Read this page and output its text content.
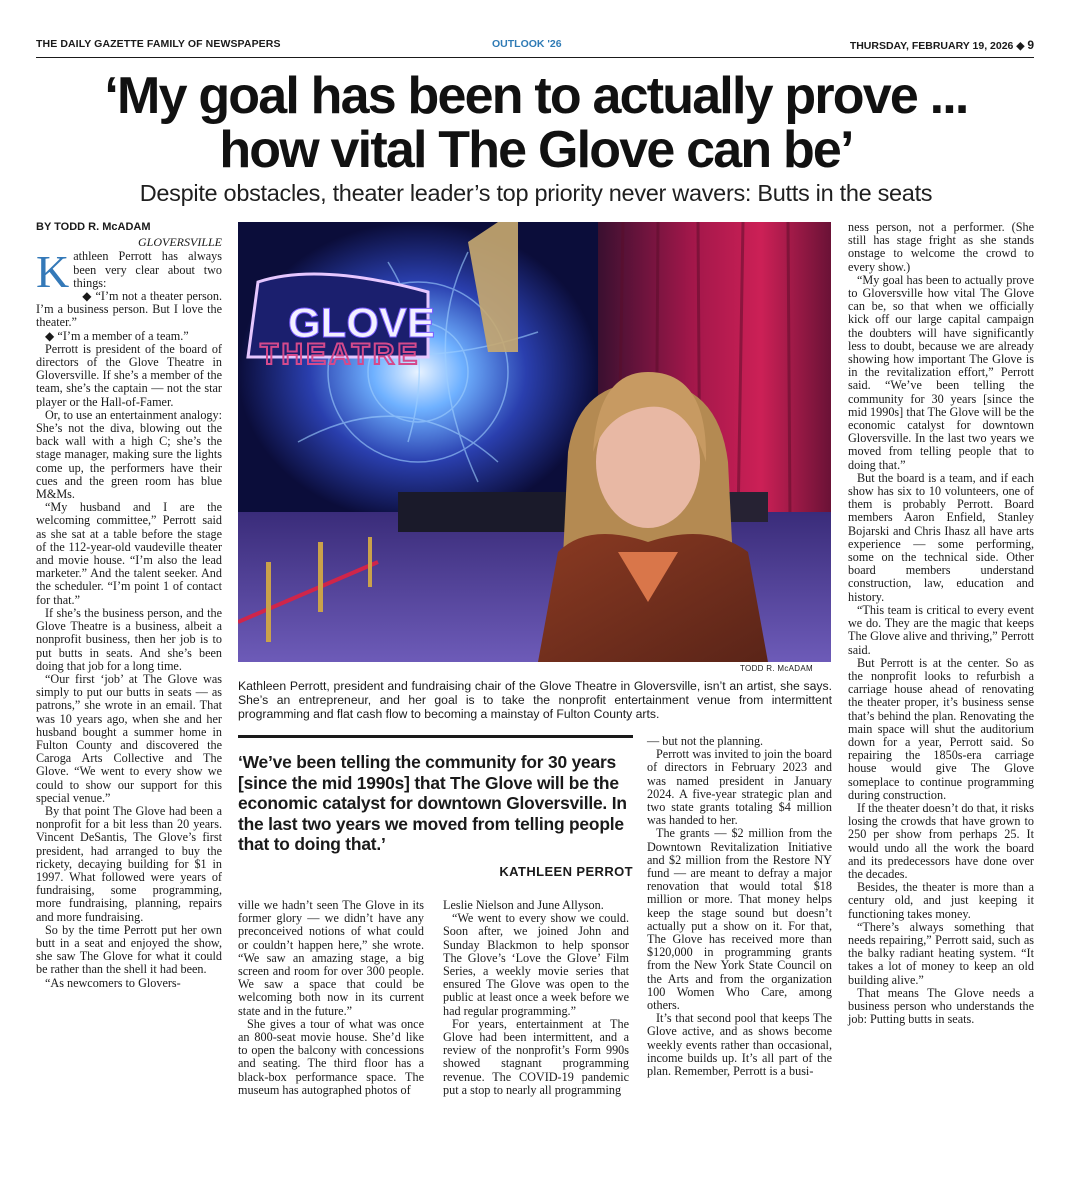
THE DAILY GAZETTE FAMILY OF NEWSPAPERS	OUTLOOK '26	THURSDAY, FEBRUARY 19, 2026 ◆ 9
‘My goal has been to actually prove ...
how vital The Glove can be’
Despite obstacles, theater leader’s top priority never wavers: Butts in the seats
BY TODD R. McADAM
GLOVERSVILLE

Kathleen Perrott has always been very clear about two things:

◆ “I’m not a theater person. I’m a business person. But I love the theater.”

◆ “I’m a member of a team.”

Perrott is president of the board of directors of the Glove Theatre in Gloversville. If she’s a member of the team, she’s the captain — not the star player or the Hall-of-Famer.

Or, to use an entertainment analogy: She’s not the diva, blowing out the back wall with a high C; she’s the stage manager, making sure the lights come up, the performers have their cues and the green room has blue M&Ms.

“My husband and I are the welcoming committee,” Perrott said as she sat at a table before the stage of the 112-year-old vaudeville theater and movie house. “I’m also the lead marketer.” And the talent seeker. And the scheduler. “I’m point 1 of contact for that.”

If she’s the business person, and the Glove Theatre is a business, albeit a nonprofit business, then her job is to put butts in seats. And she’s been doing that job for a long time.

“Our first ‘job’ at The Glove was simply to put our butts in seats — as patrons,” she wrote in an email. That was 10 years ago, when she and her husband bought a summer home in Fulton County and discovered the Caroga Arts Collective and The Glove. “We went to every show we could to show our support for this special venue.”

By that point The Glove had been a nonprofit for a bit less than 20 years. Vincent DeSantis, The Glove’s first president, had arranged to buy the rickety, decaying building for $1 in 1997. What followed were years of fundraising, some programming, more fundraising, planning, repairs and more fundraising.

So by the time Perrott put her own butt in a seat and enjoyed the show, she saw The Glove for what it could be rather than the shell it had been.

“As newcomers to Glovers-

GLOVE
THEATRE
TODD R. McADAM
Kathleen Perrott, president and fundraising chair of the Glove Theatre in Gloversville, isn’t an artist, she says. She’s an entrepreneur, and her goal is to take the nonprofit entertainment venue from intermittent programming and flat cash flow to becoming a mainstay of Fulton County arts.
‘We’ve been telling the community for 30 years [since the mid 1990s] that The Glove will be the economic catalyst for downtown Gloversville. In the last two years we moved from telling people that to doing that.’
KATHLEEN PERROT

ville we hadn’t seen The Glove in its former glory — we didn’t have any preconceived notions of what could or couldn’t happen here,” she wrote. “We saw an amazing stage, a big screen and room for over 300 people. We saw a space that could be welcoming both now in its current state and in the future.”

She gives a tour of what was once an 800-seat movie house. She’d like to open the balcony with concessions and seating. The third floor has a black-box performance space. The museum has autographed photos of

Leslie Nielson and June Allyson.

“We went to every show we could. Soon after, we joined John and Sunday Blackmon to help sponsor The Glove’s ‘Love the Glove’ Film Series, a weekly movie series that ensured The Glove was open to the public at least once a week before we had regular programming.”

For years, entertainment at The Glove had been intermittent, and a review of the nonprofit’s Form 990s showed stagnant programming revenue. The COVID-19 pandemic put a stop to nearly all programming

— but not the planning.

Perrott was invited to join the board of directors in February 2023 and was named president in January 2024. A five-year strategic plan and two state grants totaling $4 million was handed to her.

The grants — $2 million from the Downtown Revitalization Initiative and $2 million from the Restore NY fund — are meant to defray a major renovation that would total $18 million or more. That money helps keep the stage sound but doesn’t actually put a show on it. For that, The Glove has received more than $120,000 in programming grants from the New York State Council on the Arts and from the organization 100 Women Who Care, among others.

It’s that second pool that keeps The Glove active, and as shows become weekly events rather than occasional, income builds up. It’s all part of the plan. Remember, Perrott is a busi-

ness person, not a performer. (She still has stage fright as she stands onstage to welcome the crowd to every show.)

“My goal has been to actually prove to Gloversville how vital The Glove can be, so that when we officially kick off our large capital campaign the doubters will have significantly less to doubt, because we are already showing how important The Glove is in the revitalization effort,” Perrott said. “We’ve been telling the community for 30 years [since the mid 1990s] that The Glove will be the economic catalyst for downtown Gloversville. In the last two years we moved from telling people that to doing that.”

But the board is a team, and if each show has six to 10 volunteers, one of them is probably Perrott. Board members Aaron Enfield, Stanley Bojarski and Chris Ihasz all have arts experience — some performing, some on the technical side. Other board members understand construction, law, education and history.

“This team is critical to every event we do. They are the magic that keeps The Glove alive and thriving,” Perrott said.

But Perrott is at the center. So as the nonprofit looks to refurbish a carriage house ahead of renovating the theater proper, it’s business sense that’s behind the plan. Renovating the main space will shut the auditorium down for a year, Perrott said. So repairing the 1850s-era carriage house would give The Glove someplace to continue programming during construction.

If the theater doesn’t do that, it risks losing the crowds that have grown to 250 per show from perhaps 25. It would undo all the work the board and its predecessors have done over the decades.

Besides, the theater is more than a century old, and just keeping it functioning takes money.

“There’s always something that needs repairing,” Perrott said, such as the balky radiant heating system. “It takes a lot of money to keep an old building alive.”

That means The Glove needs a business person who understands the job: Putting butts in seats.
